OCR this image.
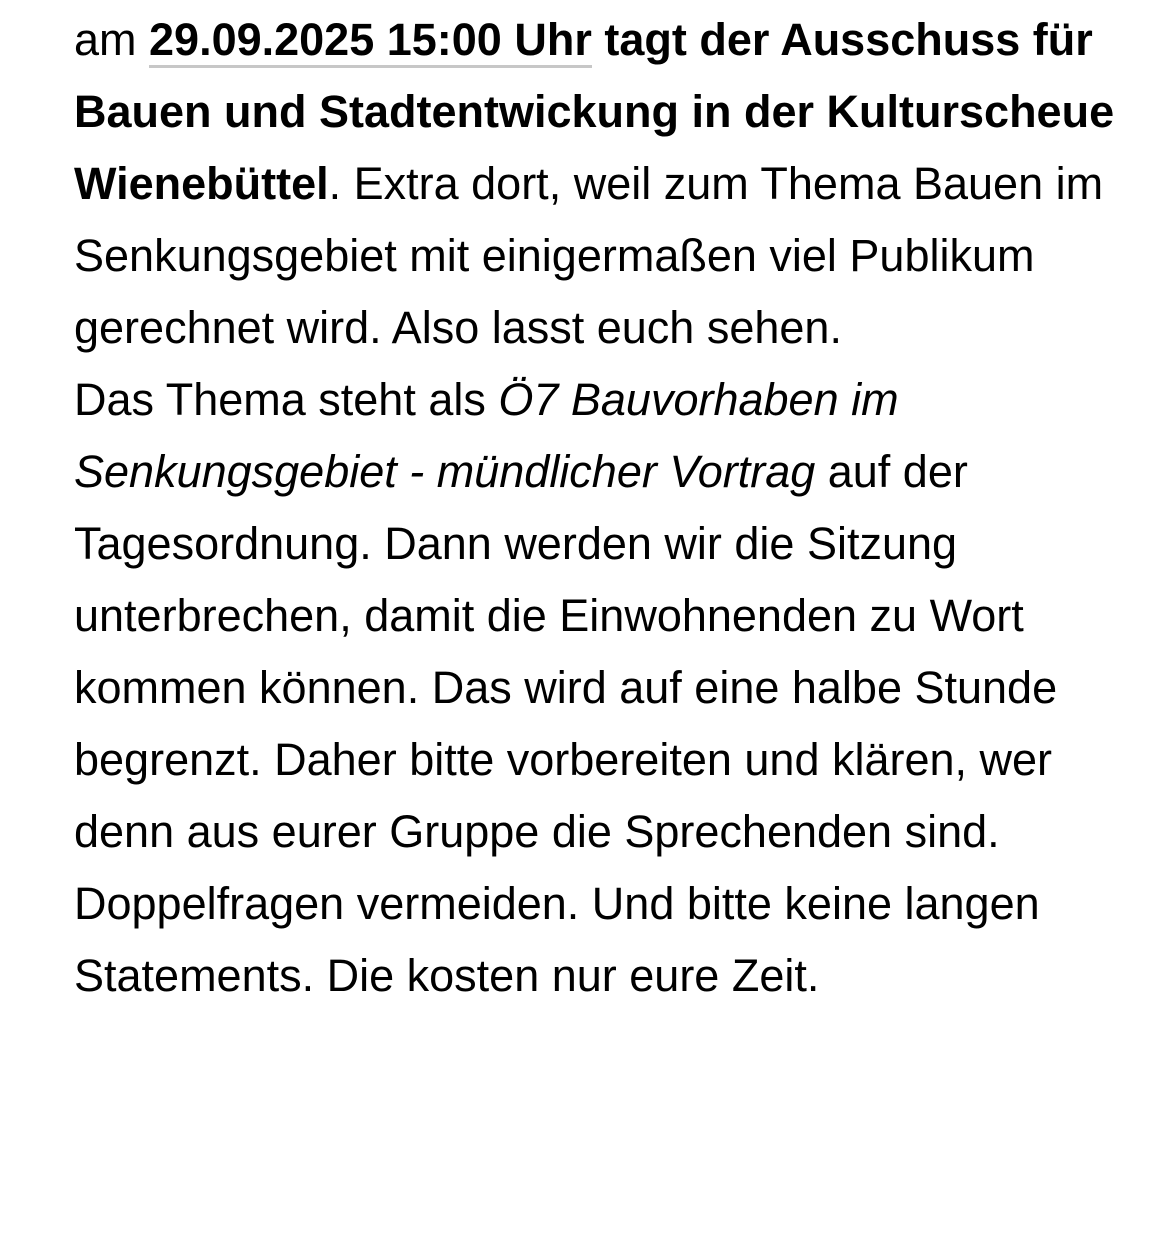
am 29.09.2025 15:00 Uhr tagt der Ausschuss für Bauen und Stadtentwickung in der Kulturscheue Wienebüttel. Extra dort, weil zum Thema Bauen im Senkungsgebiet mit einigermaßen viel Publikum gerechnet wird. Also lasst euch sehen.

Das Thema steht als Ö7 Bauvorhaben im Senkungsgebiet - mündlicher Vortrag auf der Tagesordnung. Dann werden wir die Sitzung unterbrechen, damit die Einwohnenden zu Wort kommen können. Das wird auf eine halbe Stunde begrenzt. Daher bitte vorbereiten und klären, wer denn aus eurer Gruppe die Sprechenden sind. Doppelfragen vermeiden. Und bitte keine langen Statements. Die kosten nur eure Zeit.
